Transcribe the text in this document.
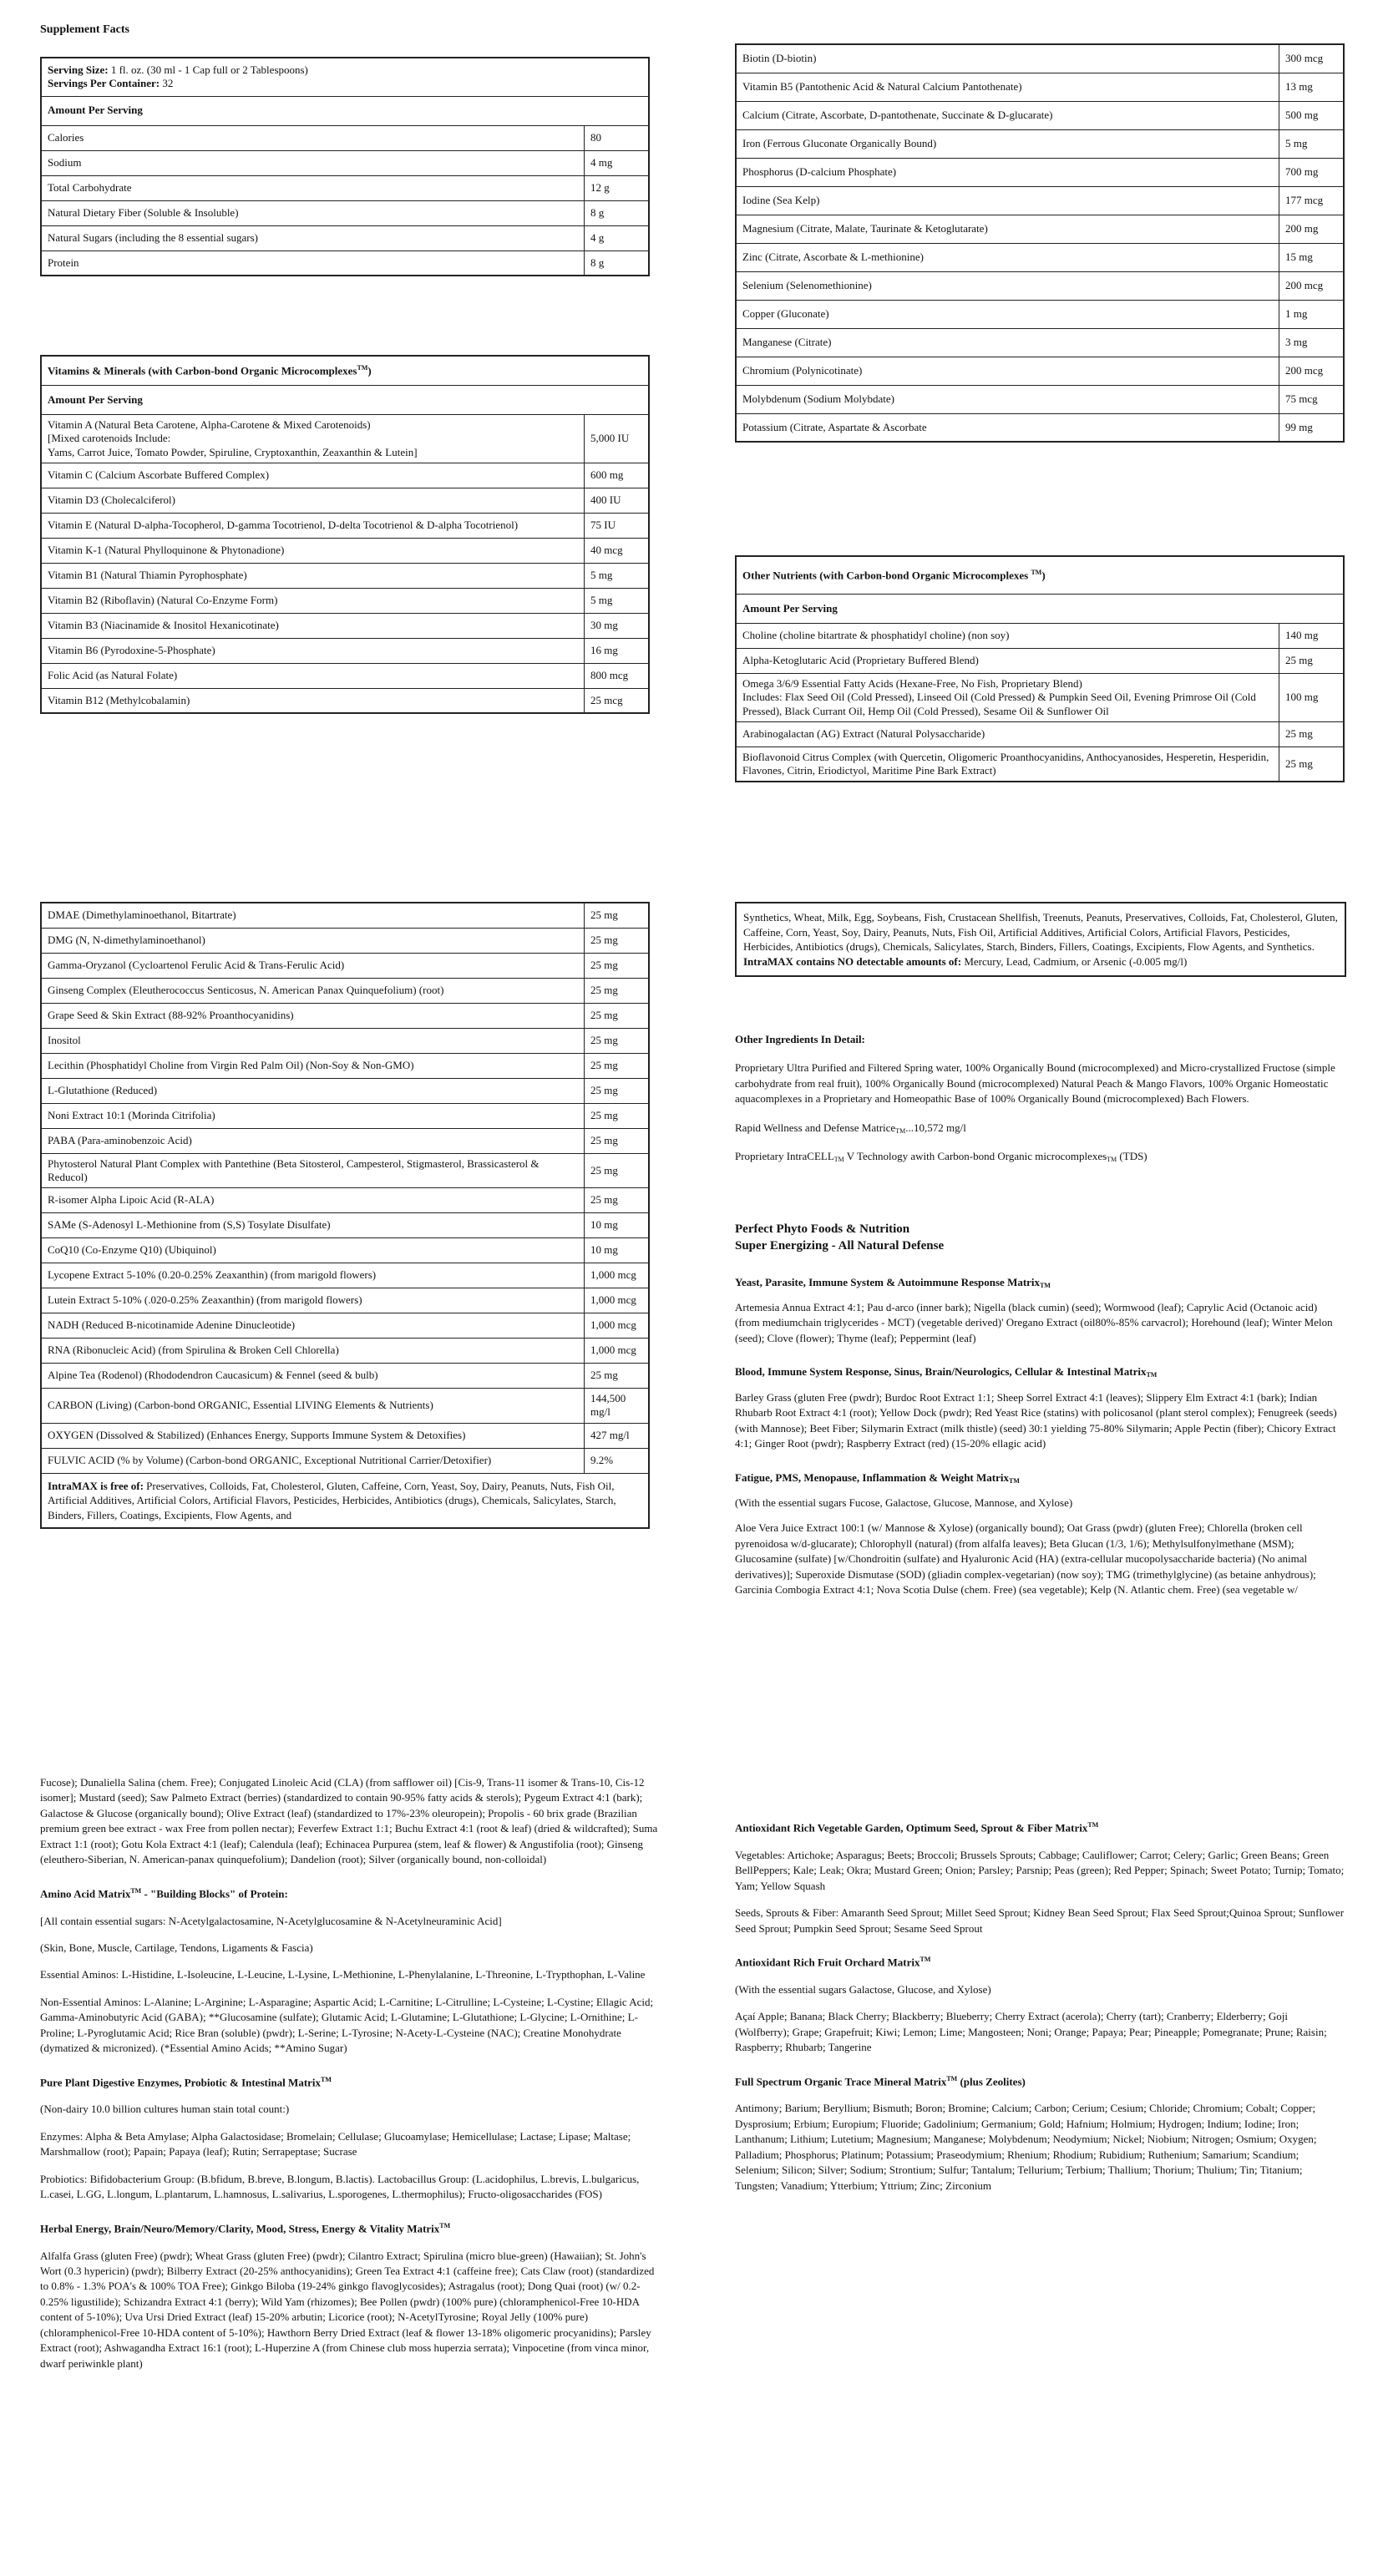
Supplement Facts
Serving Size: 1 fl. oz. (30 ml - 1 Cap full or 2 Tablespoons)
Servings Per Container: 32	
Amount Per Serving	
Calories	80
Sodium	4 mg
Total Carbohydrate	12 g
Natural Dietary Fiber (Soluble & Insoluble)	8 g
Natural Sugars (including the 8 essential sugars)	4 g
Protein	8 g
Vitamins & Minerals (with Carbon-bond Organic Microcomplexes™)	
Amount Per Serving	
Vitamin A (Natural Beta Carotene, Alpha-Carotene & Mixed Carotenoids)
[Mixed carotenoids Include:
Yams, Carrot Juice, Tomato Powder, Spiruline, Cryptoxanthin, Zeaxanthin & Lutein]	5,000 IU
Vitamin C (Calcium Ascorbate Buffered Complex)	600 mg
Vitamin D3 (Cholecalciferol)	400 IU
Vitamin E (Natural D-alpha-Tocopherol, D-gamma Tocotrienol, D-delta Tocotrienol & D-alpha Tocotrienol)	75 IU
Vitamin K-1 (Natural Phylloquinone & Phytonadione)	40 mcg
Vitamin B1 (Natural Thiamin Pyrophosphate)	5 mg
Vitamin B2 (Riboflavin) (Natural Co-Enzyme Form)	5 mg
Vitamin B3 (Niacinamide & Inositol Hexanicotinate)	30 mg
Vitamin B6 (Pyrodoxine-5-Phosphate)	16 mg
Folic Acid (as Natural Folate)	800 mcg
Vitamin B12 (Methylcobalamin)	25 mcg
Biotin (D-biotin)	300 mcg
Vitamin B5 (Pantothenic Acid & Natural Calcium Pantothenate)	13 mg
Calcium (Citrate, Ascorbate, D-pantothenate, Succinate & D-glucarate)	500 mg
Iron (Ferrous Gluconate Organically Bound)	5 mg
Phosphorus (D-calcium Phosphate)	700 mg
Iodine (Sea Kelp)	177 mcg
Magnesium (Citrate, Malate, Taurinate & Ketoglutarate)	200 mg
Zinc (Citrate, Ascorbate & L-methionine)	15 mg
Selenium (Selenomethionine)	200 mcg
Copper (Gluconate)	1 mg
Manganese (Citrate)	3 mg
Chromium (Polynicotinate)	200 mcg
Molybdenum (Sodium Molybdate)	75 mcg
Potassium (Citrate, Aspartate & Ascorbate	99 mg
Other Nutrients (with Carbon-bond Organic Microcomplexes ™)	
Amount Per Serving	
Choline (choline bitartrate & phosphatidyl choline) (non soy)	140 mg
Alpha-Ketoglutaric Acid (Proprietary Buffered Blend)	25 mg
Omega 3/6/9 Essential Fatty Acids (Hexane-Free, No Fish, Proprietary Blend)
Includes: Flax Seed Oil (Cold Pressed), Linseed Oil (Cold Pressed) & Pumpkin Seed Oil, Evening Primrose Oil (Cold Pressed), Black Currant Oil, Hemp Oil (Cold Pressed), Sesame Oil & Sunflower Oil	100 mg
Arabinogalactan (AG) Extract (Natural Polysaccharide)	25 mg
Bioflavonoid Citrus Complex (with Quercetin, Oligomeric Proanthocyanidins, Anthocyanosides, Hesperetin, Hesperidin, Flavones, Citrin, Eriodictyol, Maritime Pine Bark Extract)	25 mg
DMAE (Dimethylaminoethanol, Bitartrate)	25 mg
DMG (N, N-dimethylaminoethanol)	25 mg
Gamma-Oryzanol (Cycloartenol Ferulic Acid & Trans-Ferulic Acid)	25 mg
Ginseng Complex (Eleutherococcus Senticosus, N. American Panax Quinquefolium) (root)	25 mg
Grape Seed & Skin Extract (88-92% Proanthocyanidins)	25 mg
Inositol	25 mg
Lecithin (Phosphatidyl Choline from Virgin Red Palm Oil) (Non-Soy & Non-GMO)	25 mg
L-Glutathione (Reduced)	25 mg
Noni Extract 10:1 (Morinda Citrifolia)	25 mg
PABA (Para-aminobenzoic Acid)	25 mg
Phytosterol Natural Plant Complex with Pantethine (Beta Sitosterol, Campesterol, Stigmasterol, Brassicasterol & Reducol)	25 mg
R-isomer Alpha Lipoic Acid (R-ALA)	25 mg
SAMe (S-Adenosyl L-Methionine from (S,S) Tosylate Disulfate)	10 mg
CoQ10 (Co-Enzyme Q10) (Ubiquinol)	10 mg
Lycopene Extract 5-10% (0.20-0.25% Zeaxanthin) (from marigold flowers)	1,000 mcg
Lutein Extract 5-10% (.020-0.25% Zeaxanthin) (from marigold flowers)	1,000 mcg
NADH (Reduced B-nicotinamide Adenine Dinucleotide)	1,000 mcg
RNA (Ribonucleic Acid) (from Spirulina & Broken Cell Chlorella)	1,000 mcg
Alpine Tea (Rodenol) (Rhododendron Caucasicum) & Fennel (seed & bulb)	25 mg
CARBON (Living) (Carbon-bond ORGANIC, Essential LIVING Elements & Nutrients)	144,500 mg/l
OXYGEN (Dissolved & Stabilized) (Enhances Energy, Supports Immune System & Detoxifies)	427 mg/l
FULVIC ACID (% by Volume) (Carbon-bond ORGANIC, Exceptional Nutritional Carrier/Detoxifier)	9.2%
IntraMAX is free of: Preservatives, Colloids, Fat, Cholesterol, Gluten, Caffeine, Corn, Yeast, Soy, Dairy, Peanuts, Nuts, Fish Oil, Artificial Additives, Artificial Colors, Artificial Flavors, Pesticides, Herbicides, Antibiotics (drugs), Chemicals, Salicylates, Starch, Binders, Fillers, Coatings, Excipients, Flow Agents, and	
Synthetics, Wheat, Milk, Egg, Soybeans, Fish, Crustacean Shellfish, Treenuts, Peanuts, Preservatives, Colloids, Fat, Cholesterol, Gluten, Caffeine, Corn, Yeast, Soy, Dairy, Peanuts, Nuts, Fish Oil, Artificial Additives, Artificial Colors, Artificial Flavors, Pesticides, Herbicides, Antibiotics (drugs), Chemicals, Salicylates, Starch, Binders, Fillers, Coatings, Excipients, Flow Agents, and Synthetics.
IntraMAX contains NO detectable amounts of: Mercury, Lead, Cadmium, or Arsenic (-0.005 mg/l)

Other Ingredients In Detail:

Proprietary Ultra Purified and Filtered Spring water, 100% Organically Bound (microcomplexed) and Micro-crystallized Fructose (simple carbohydrate from real fruit), 100% Organically Bound (microcomplexed) Natural Peach & Mango Flavors, 100% Organic Homeostatic aquacomplexes in a Proprietary and Homeopathic Base of 100% Organically Bound (microcomplexed) Bach Flowers.

Rapid Wellness and Defense MatriceTM...10,572 mg/l

Proprietary IntraCELLTM V Technology awith Carbon-bond Organic microcomplexesTM (TDS)

Perfect Phyto Foods & Nutrition

Super Energizing - All Natural Defense

Yeast, Parasite, Immune System & Autoimmune Response MatrixTM

Artemesia Annua Extract 4:1; Pau d-arco (inner bark); Nigella (black cumin) (seed); Wormwood (leaf); Caprylic Acid (Octanoic acid) (from mediumchain triglycerides - MCT) (vegetable derived)' Oregano Extract (oil80%-85% carvacrol); Horehound (leaf); Winter Melon (seed); Clove (flower); Thyme (leaf); Peppermint (leaf)

Blood, Immune System Response, Sinus, Brain/Neurologics, Cellular & Intestinal MatrixTM

Barley Grass (gluten Free (pwdr); Burdoc Root Extract 1:1; Sheep Sorrel Extract 4:1 (leaves); Slippery Elm Extract 4:1 (bark); Indian Rhubarb Root Extract 4:1 (root); Yellow Dock (pwdr); Red Yeast Rice (statins) with policosanol (plant sterol complex); Fenugreek (seeds) (with Mannose); Beet Fiber; Silymarin Extract (milk thistle) (seed) 30:1 yielding 75-80% Silymarin; Apple Pectin (fiber); Chicory Extract 4:1; Ginger Root (pwdr); Raspberry Extract (red) (15-20% ellagic acid)

Fatigue, PMS, Menopause, Inflammation & Weight MatrixTM

(With the essential sugars Fucose, Galactose, Glucose, Mannose, and Xylose)

Aloe Vera Juice Extract 100:1 (w/ Mannose & Xylose) (organically bound); Oat Grass (pwdr) (gluten Free); Chlorella (broken cell pyrenoidosa w/d-glucarate); Chlorophyll (natural) (from alfalfa leaves); Beta Glucan (1/3, 1/6); Methylsulfonylmethane (MSM); Glucosamine (sulfate) [w/Chondroitin (sulfate) and Hyaluronic Acid (HA) (extra-cellular mucopolysaccharide bacteria) (No animal derivatives)]; Superoxide Dismutase (SOD) (gliadin complex-vegetarian) (now soy); TMG (trimethylglycine) (as betaine anhydrous); Garcinia Combogia Extract 4:1; Nova Scotia Dulse (chem. Free) (sea vegetable); Kelp (N. Atlantic chem. Free) (sea vegetable w/

Fucose); Dunaliella Salina (chem. Free); Conjugated Linoleic Acid (CLA) (from safflower oil) [Cis-9, Trans-11 isomer & Trans-10, Cis-12 isomer]; Mustard (seed); Saw Palmeto Extract (berries) (standardized to contain 90-95% fatty acids & sterols); Pygeum Extract 4:1 (bark); Galactose & Glucose (organically bound); Olive Extract (leaf) (standardized to 17%-23% oleuropein); Propolis - 60 brix grade (Brazilian premium green bee extract - wax Free from pollen nectar); Feverfew Extract 1:1; Buchu Extract 4:1 (root & leaf) (dried & wildcrafted); Suma Extract 1:1 (root); Gotu Kola Extract 4:1 (leaf); Calendula (leaf); Echinacea Purpurea (stem, leaf & flower) & Angustifolia (root); Ginseng (eleuthero-Siberian, N. American-panax quinquefolium); Dandelion (root); Silver (organically bound, non-colloidal)

Amino Acid Matrix™ - "Building Blocks" of Protein:

[All contain essential sugars: N-Acetylgalactosamine, N-Acetylglucosamine & N-Acetylneuraminic Acid]

(Skin, Bone, Muscle, Cartilage, Tendons, Ligaments & Fascia)

Essential Aminos: L-Histidine, L-Isoleucine, L-Leucine, L-Lysine, L-Methionine, L-Phenylalanine, L-Threonine, L-Trypthophan, L-Valine

Non-Essential Aminos: L-Alanine; L-Arginine; L-Asparagine; Aspartic Acid; L-Carnitine; L-Citrulline; L-Cysteine; L-Cystine; Ellagic Acid; Gamma-Aminobutyric Acid (GABA); **Glucosamine (sulfate); Glutamic Acid; L-Glutamine; L-Glutathione; L-Glycine; L-Ornithine; L-Proline; L-Pyroglutamic Acid; Rice Bran (soluble) (pwdr); L-Serine; L-Tyrosine; N-Acety-L-Cysteine (NAC); Creatine Monohydrate (dymatized & micronized). (*Essential Amino Acids; **Amino Sugar)

Pure Plant Digestive Enzymes, Probiotic & Intestinal Matrix™

(Non-dairy 10.0 billion cultures human stain total count:)

Enzymes: Alpha & Beta Amylase; Alpha Galactosidase; Bromelain; Cellulase; Glucoamylase; Hemicellulase; Lactase; Lipase; Maltase; Marshmallow (root); Papain; Papaya (leaf); Rutin; Serrapeptase; Sucrase

Probiotics: Bifidobacterium Group: (B.bfidum, B.breve, B.longum, B.lactis). Lactobacillus Group: (L.acidophilus, L.brevis, L.bulgaricus, L.casei, L.GG, L.longum, L.plantarum, L.hamnosus, L.salivarius, L.sporogenes, L.thermophilus); Fructo-oligosaccharides (FOS)

Herbal Energy, Brain/Neuro/Memory/Clarity, Mood, Stress, Energy & Vitality Matrix™

Alfalfa Grass (gluten Free) (pwdr); Wheat Grass (gluten Free) (pwdr); Cilantro Extract; Spirulina (micro blue-green) (Hawaiian); St. John's Wort (0.3 hypericin) (pwdr); Bilberry Extract (20-25% anthocyanidins); Green Tea Extract 4:1 (caffeine free); Cats Claw (root) (standardized to 0.8% - 1.3% POA's & 100% TOA Free); Ginkgo Biloba (19-24% ginkgo flavoglycosides); Astragalus (root); Dong Quai (root) (w/ 0.2-0.25% ligustilide); Schizandra Extract 4:1 (berry); Wild Yam (rhizomes); Bee Pollen (pwdr) (100% pure) (chloramphenicol-Free 10-HDA content of 5-10%); Uva Ursi Dried Extract (leaf) 15-20% arbutin; Licorice (root); N-AcetylTyrosine; Royal Jelly (100% pure) (chloramphenicol-Free 10-HDA content of 5-10%); Hawthorn Berry Dried Extract (leaf & flower 13-18% oligomeric procyanidins); Parsley Extract (root); Ashwagandha Extract 16:1 (root); L-Huperzine A (from Chinese club moss huperzia serrata); Vinpocetine (from vinca minor, dwarf periwinkle plant)

Antioxidant Rich Vegetable Garden, Optimum Seed, Sprout & Fiber Matrix™

Vegetables: Artichoke; Asparagus; Beets; Broccoli; Brussels Sprouts; Cabbage; Cauliflower; Carrot; Celery; Garlic; Green Beans; Green BellPeppers; Kale; Leak; Okra; Mustard Green; Onion; Parsley; Parsnip; Peas (green); Red Pepper; Spinach; Sweet Potato; Turnip; Tomato; Yam; Yellow Squash

Seeds, Sprouts & Fiber: Amaranth Seed Sprout; Millet Seed Sprout; Kidney Bean Seed Sprout; Flax Seed Sprout;Quinoa Sprout; Sunflower Seed Sprout; Pumpkin Seed Sprout; Sesame Seed Sprout

Antioxidant Rich Fruit Orchard Matrix™

(With the essential sugars Galactose, Glucose, and Xylose)

Açaí Apple; Banana; Black Cherry; Blackberry; Blueberry; Cherry Extract (acerola); Cherry (tart); Cranberry; Elderberry; Goji (Wolfberry); Grape; Grapefruit; Kiwi; Lemon; Lime; Mangosteen; Noni; Orange; Papaya; Pear; Pineapple; Pomegranate; Prune; Raisin; Raspberry; Rhubarb; Tangerine

Full Spectrum Organic Trace Mineral Matrix™ (plus Zeolites)

Antimony; Barium; Beryllium; Bismuth; Boron; Bromine; Calcium; Carbon; Cerium; Cesium; Chloride; Chromium; Cobalt; Copper; Dysprosium; Erbium; Europium; Fluoride; Gadolinium; Germanium; Gold; Hafnium; Holmium; Hydrogen; Indium; Iodine; Iron; Lanthanum; Lithium; Lutetium; Magnesium; Manganese; Molybdenum; Neodymium; Nickel; Niobium; Nitrogen; Osmium; Oxygen; Palladium; Phosphorus; Platinum; Potassium; Praseodymium; Rhenium; Rhodium; Rubidium; Ruthenium; Samarium; Scandium; Selenium; Silicon; Silver; Sodium; Strontium; Sulfur; Tantalum; Tellurium; Terbium; Thallium; Thorium; Thulium; Tin; Titanium; Tungsten; Vanadium; Ytterbium; Yttrium; Zinc; Zirconium
